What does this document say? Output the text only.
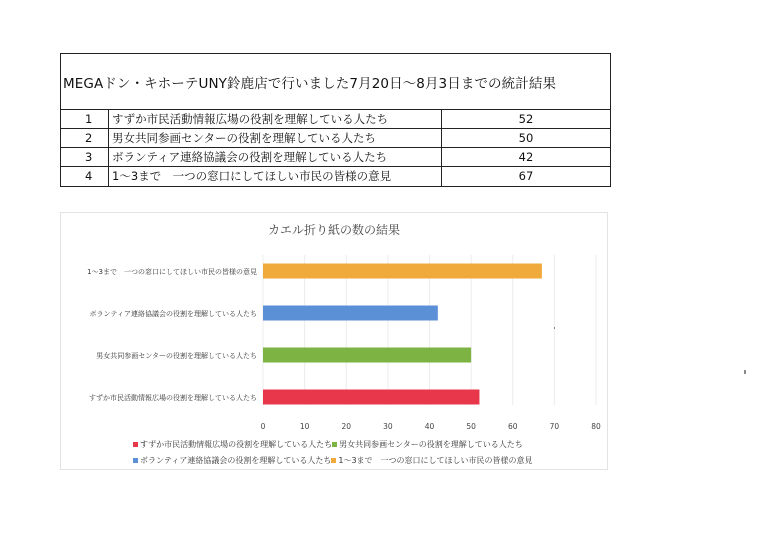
MEGAドン・キホーテUNY鈴鹿店で行いました7月20日〜8月3日までの統計結果
1	すずか市民活動情報広場の役割を理解している人たち	52
2	男女共同参画センターの役割を理解している人たち	50
3	ボランティア連絡協議会の役割を理解している人たち	42
4	1〜3まで　一つの窓口にしてほしい市民の皆様の意見	67
カエル折り紙の数の結果
0	10	20	30	40	50	60	70	80
すずか市民活動情報広場の役割を理解している人たち
男女共同参画センターの役割を理解している人たち
ボランティア連絡協議会の役割を理解している人たち
1〜3まで　一つの窓口にしてほしい市民の皆様の意見
すずか市民活動情報広場の役割を理解している人たち 男女共同参画センターの役割を理解している人たち
ボランティア連絡協議会の役割を理解している人たち 1〜3まで　一つの窓口にしてほしい市民の皆様の意見
